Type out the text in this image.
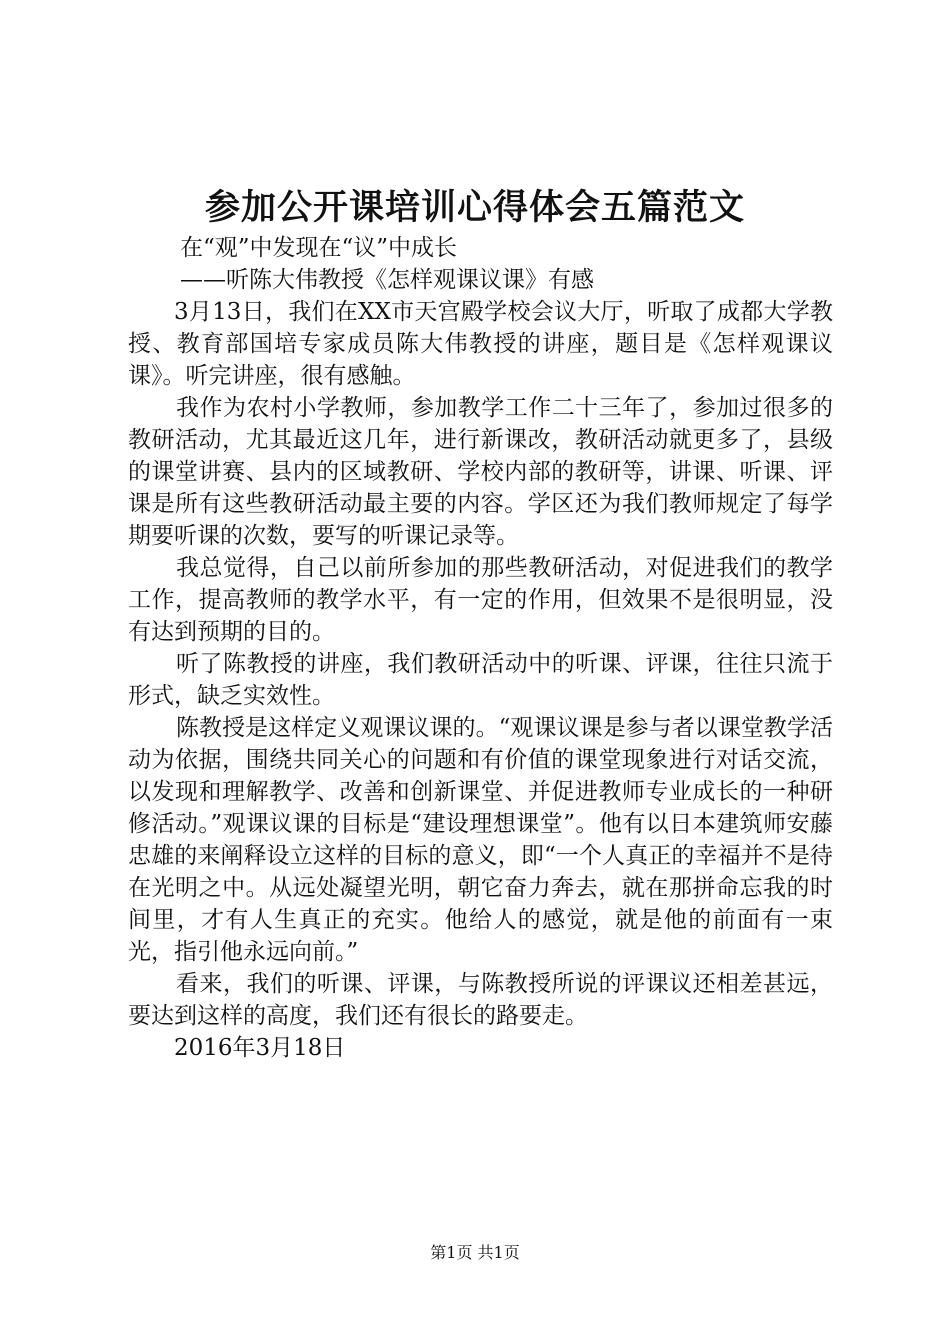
参加公开课培训心得体会五篇范文

在“观”中发现在“议”中成长

——听陈大伟教授《怎样观课议课》有感

3月13日，我们在XX市天宫殿学校会议大厅，听取了成都大学教授、教育部国培专家成员陈大伟教授的讲座，题目是《怎样观课议课》。听完讲座，很有感触。

我作为农村小学教师，参加教学工作二十三年了，参加过很多的教研活动，尤其最近这几年，进行新课改，教研活动就更多了，县级的课堂讲赛、县内的区域教研、学校内部的教研等，讲课、听课、评课是所有这些教研活动最主要的内容。学区还为我们教师规定了每学期要听课的次数，要写的听课记录等。

我总觉得，自己以前所参加的那些教研活动，对促进我们的教学工作，提高教师的教学水平，有一定的作用，但效果不是很明显，没有达到预期的目的。

听了陈教授的讲座，我们教研活动中的听课、评课，往往只流于形式，缺乏实效性。

陈教授是这样定义观课议课的。“观课议课是参与者以课堂教学活动为依据，围绕共同关心的问题和有价值的课堂现象进行对话交流，以发现和理解教学、改善和创新课堂、并促进教师专业成长的一种研修活动。”观课议课的目标是“建设理想课堂”。他有以日本建筑师安藤忠雄的来阐释设立这样的目标的意义，即“一个人真正的幸福并不是待在光明之中。从远处凝望光明，朝它奋力奔去，就在那拼命忘我的时间里，才有人生真正的充实。他给人的感觉，就是他的前面有一束光，指引他永远向前。”

看来，我们的听课、评课，与陈教授所说的评课议还相差甚远，要达到这样的高度，我们还有很长的路要走。

2016年3月18日

第1页 共1页
